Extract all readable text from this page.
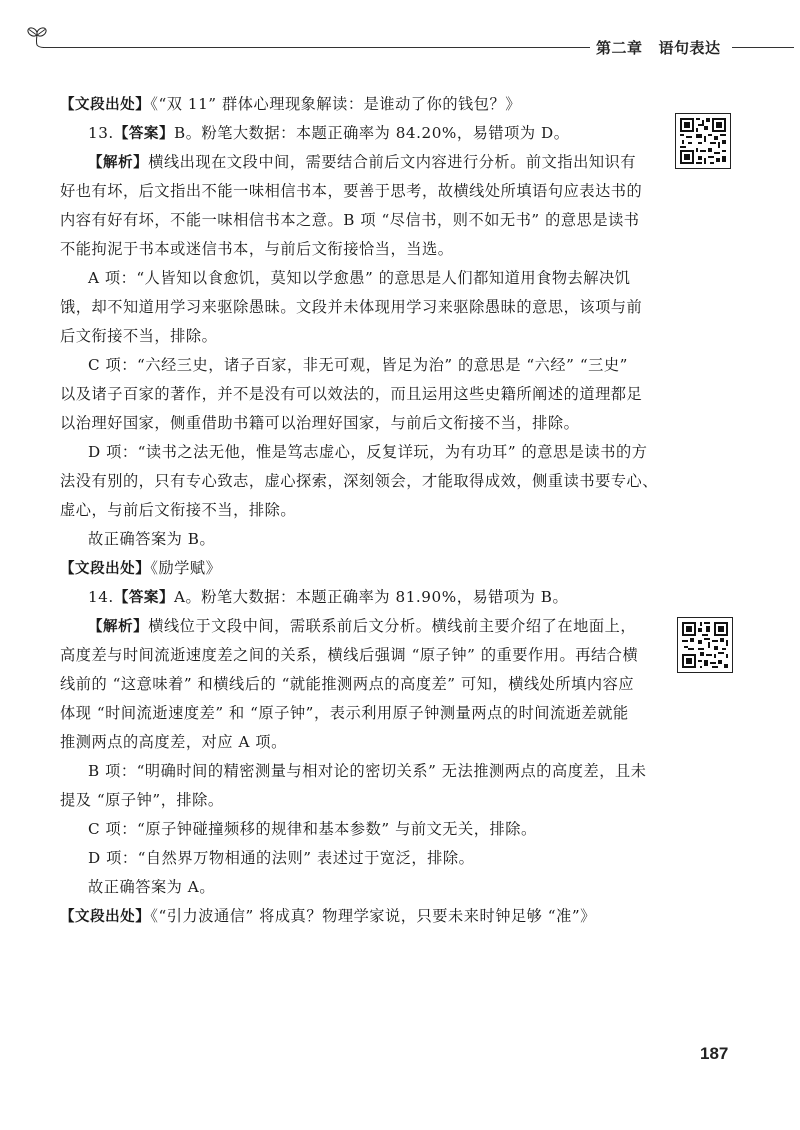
第二章 语句表达
【文段出处】《“双 11” 群体心理现象解读：是谁动了你的钱包？》
13.【答案】B。粉笔大数据：本题正确率为 84.20%，易错项为 D。
【解析】横线出现在文段中间，需要结合前后文内容进行分析。前文指出知识有
好也有坏，后文指出不能一味相信书本，要善于思考，故横线处所填语句应表达书的
内容有好有坏，不能一味相信书本之意。B 项 “尽信书，则不如无书” 的意思是读书
不能拘泥于书本或迷信书本，与前后文衔接恰当，当选。
A 项：“人皆知以食愈饥，莫知以学愈愚” 的意思是人们都知道用食物去解决饥
饿，却不知道用学习来驱除愚昧。文段并未体现用学习来驱除愚昧的意思，该项与前
后文衔接不当，排除。
C 项：“六经三史，诸子百家，非无可观，皆足为治” 的意思是 “六经” “三史”
以及诸子百家的著作，并不是没有可以效法的，而且运用这些史籍所阐述的道理都足
以治理好国家，侧重借助书籍可以治理好国家，与前后文衔接不当，排除。
D 项：“读书之法无他，惟是笃志虚心，反复详玩，为有功耳” 的意思是读书的方
法没有别的，只有专心致志，虚心探索，深刻领会，才能取得成效，侧重读书要专心、
虚心，与前后文衔接不当，排除。
故正确答案为 B。
【文段出处】《励学赋》
14.【答案】A。粉笔大数据：本题正确率为 81.90%，易错项为 B。
【解析】横线位于文段中间，需联系前后文分析。横线前主要介绍了在地面上，
高度差与时间流逝速度差之间的关系，横线后强调 “原子钟” 的重要作用。再结合横
线前的 “这意味着” 和横线后的 “就能推测两点的高度差” 可知，横线处所填内容应
体现 “时间流逝速度差” 和 “原子钟”，表示利用原子钟测量两点的时间流逝差就能
推测两点的高度差，对应 A 项。
B 项：“明确时间的精密测量与相对论的密切关系” 无法推测两点的高度差，且未
提及 “原子钟”，排除。
C 项：“原子钟碰撞频移的规律和基本参数” 与前文无关，排除。
D 项：“自然界万物相通的法则” 表述过于宽泛，排除。
故正确答案为 A。
【文段出处】《“引力波通信” 将成真？物理学家说，只要未来时钟足够 “准”》
187
